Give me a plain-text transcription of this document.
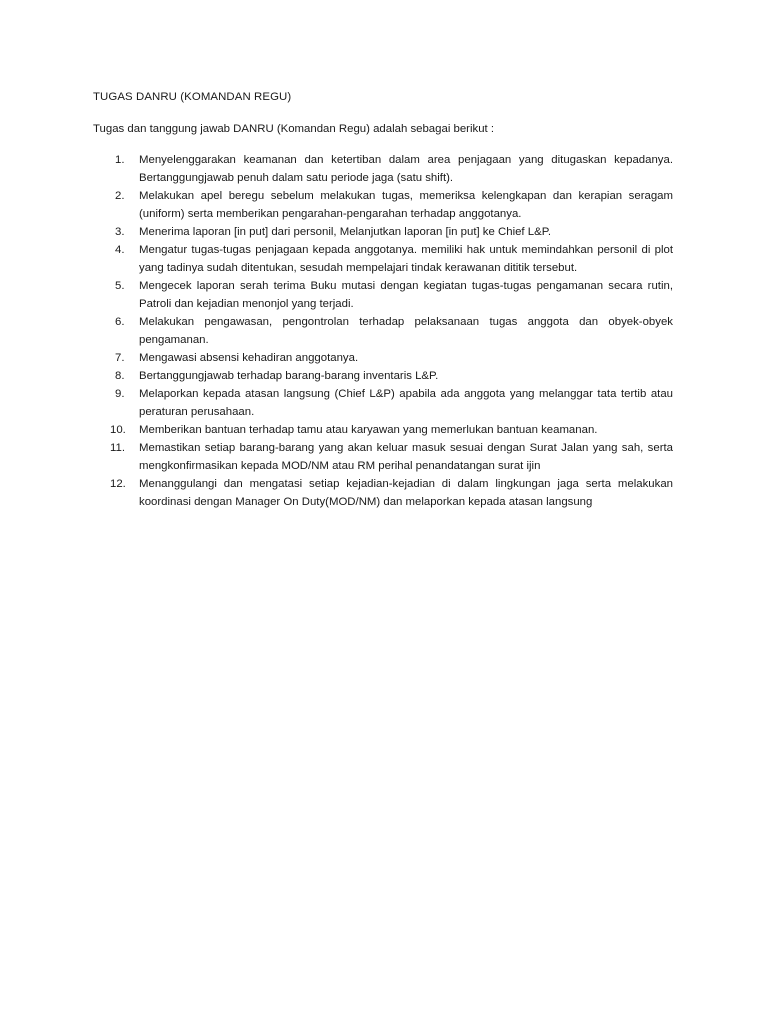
TUGAS DANRU (KOMANDAN REGU)

Tugas dan tanggung jawab DANRU (Komandan Regu) adalah sebagai berikut :

1.	Menyelenggarakan keamanan dan ketertiban dalam area penjagaan yang ditugaskan kepadanya. Bertanggungjawab penuh dalam satu periode jaga (satu shift).
2.	Melakukan apel beregu sebelum melakukan tugas, memeriksa kelengkapan dan kerapian seragam (uniform) serta memberikan pengarahan-pengarahan terhadap anggotanya.
3.	Menerima laporan [in put] dari personil, Melanjutkan laporan [in put] ke Chief L&P.
4.	Mengatur tugas-tugas penjagaan kepada anggotanya. memiliki hak untuk memindahkan personil di plot yang tadinya sudah ditentukan, sesudah mempelajari tindak kerawanan dititik tersebut.
5.	Mengecek laporan serah terima Buku mutasi dengan kegiatan tugas-tugas pengamanan secara rutin, Patroli dan kejadian menonjol yang terjadi.
6.	Melakukan pengawasan, pengontrolan terhadap pelaksanaan tugas anggota dan obyek-obyek pengamanan.
7.	Mengawasi absensi kehadiran anggotanya.
8.	Bertanggungjawab terhadap barang-barang inventaris L&P.
9.	Melaporkan kepada atasan langsung (Chief L&P) apabila ada anggota yang melanggar tata tertib atau peraturan perusahaan.
10.	Memberikan bantuan terhadap tamu atau karyawan yang memerlukan bantuan keamanan.
11.	Memastikan setiap barang-barang yang akan keluar masuk sesuai dengan Surat Jalan yang sah, serta mengkonfirmasikan kepada MOD/NM atau RM perihal penandatangan surat ijin
12.	Menanggulangi dan mengatasi setiap kejadian-kejadian di dalam lingkungan jaga serta melakukan koordinasi dengan Manager On Duty(MOD/NM) dan melaporkan kepada atasan langsung
